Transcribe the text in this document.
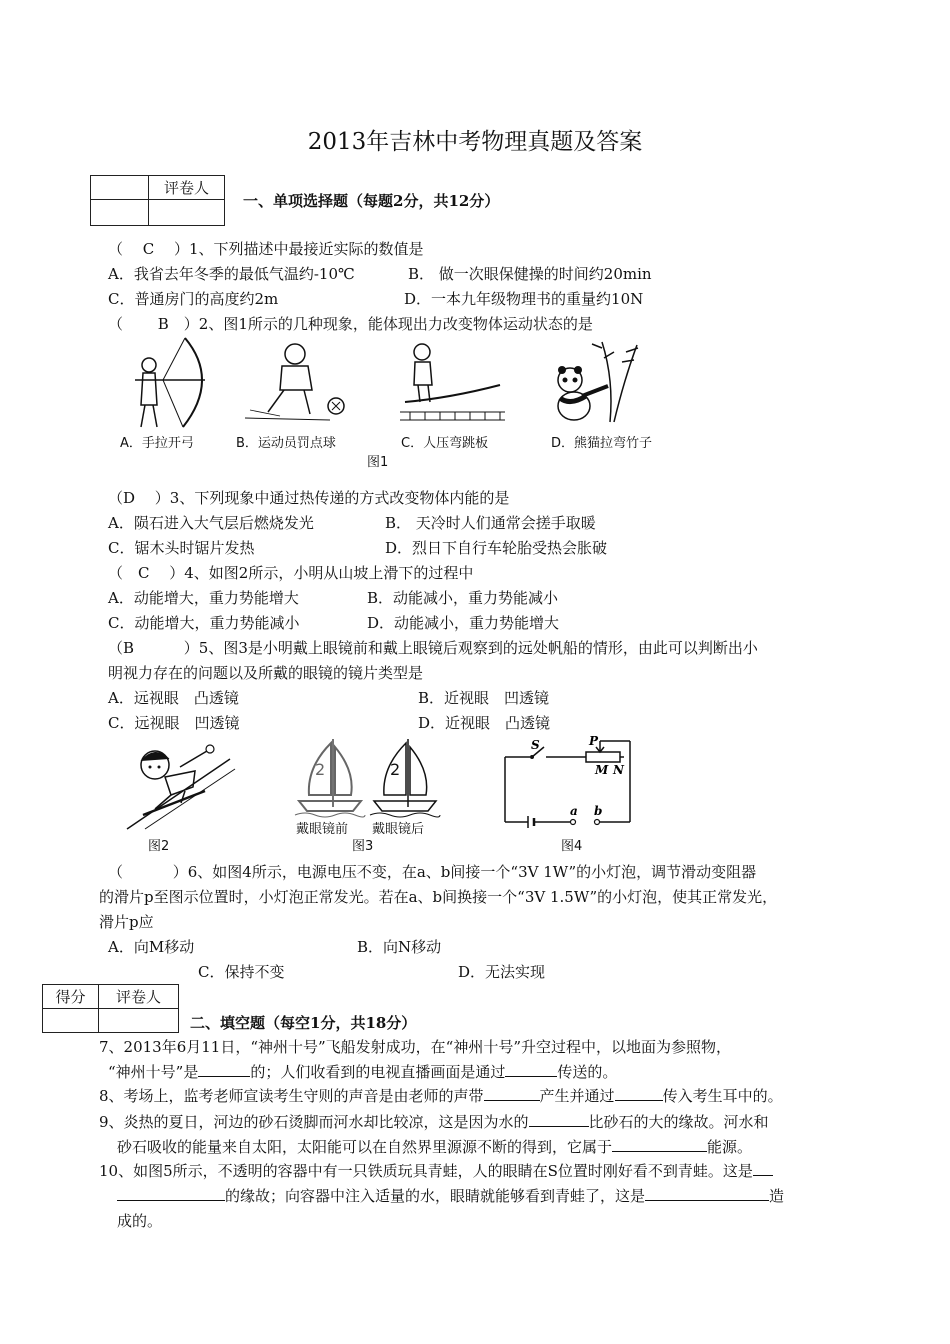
2013年吉林中考物理真题及答案
	评卷人

一、单项选择题（每题2分，共12分）
（　 C　 ）1、下列描述中最接近实际的数值是
A．我省去年冬季的最低气温约-10℃	B． 做一次眼保健操的时间约20min
C．普通房门的高度约2m	D．一本九年级物理书的重量约10N
（　　 B　）2、图1所示的几种现象，能体现出力改变物体运动状态的是
A．手拉开弓	B．运动员罚点球	C．人压弯跳板	D．熊猫拉弯竹子
图1
（D　 ）3、下列现象中通过热传递的方式改变物体内能的是
A．陨石进入大气层后燃烧发光	B． 天冷时人们通常会搓手取暖
C．锯木头时锯片发热	D．烈日下自行车轮胎受热会胀破
（　C　 ）4、如图2所示，小明从山坡上滑下的过程中
A．动能增大，重力势能增大	B．动能减小，重力势能减小
C．动能增大，重力势能减小	D．动能减小，重力势能增大
（B　　　 ）5、图3是小明戴上眼镜前和戴上眼镜后观察到的远处帆船的情形，由此可以判断出小
明视力存在的问题以及所戴的眼镜的镜片类型是
A．远视眼　凸透镜	B．近视眼　凹透镜
C．远视眼　凹透镜	D．近视眼　凸透镜
图2
2	2
戴眼镜前 戴眼镜后
图3
S	P
M N
a b
图4
（　　　 ）6、如图4所示，电源电压不变，在a、b间接一个“3V 1W”的小灯泡，调节滑动变阻器
的滑片p至图示位置时，小灯泡正常发光。若在a、b间换接一个“3V 1.5W”的小灯泡，使其正常发光，
滑片p应
A．向M移动	B．向N移动
C．保持不变	D．无法实现
得分	评卷人

二、填空题（每空1分，共18分）
7、2013年6月11日，“神州十号”飞船发射成功，在“神州十号”升空过程中，以地面为参照物，
“神州十号”是	的；人们收看到的电视直播画面是通过	传送的。
8、考场上，监考老师宣读考生守则的声音是由老师的声带	产生并通过	传入考生耳中的。
9、炎热的夏日，河边的砂石烫脚而河水却比较凉，这是因为水的	比砂石的大的缘故。河水和
砂石吸收的能量来自太阳，太阳能可以在自然界里源源不断的得到，它属于	能源。
10、如图5所示，不透明的容器中有一只铁质玩具青蛙，人的眼睛在S位置时刚好看不到青蛙。这是
的缘故；向容器中注入适量的水，眼睛就能够看到青蛙了，这是	造
成的。
